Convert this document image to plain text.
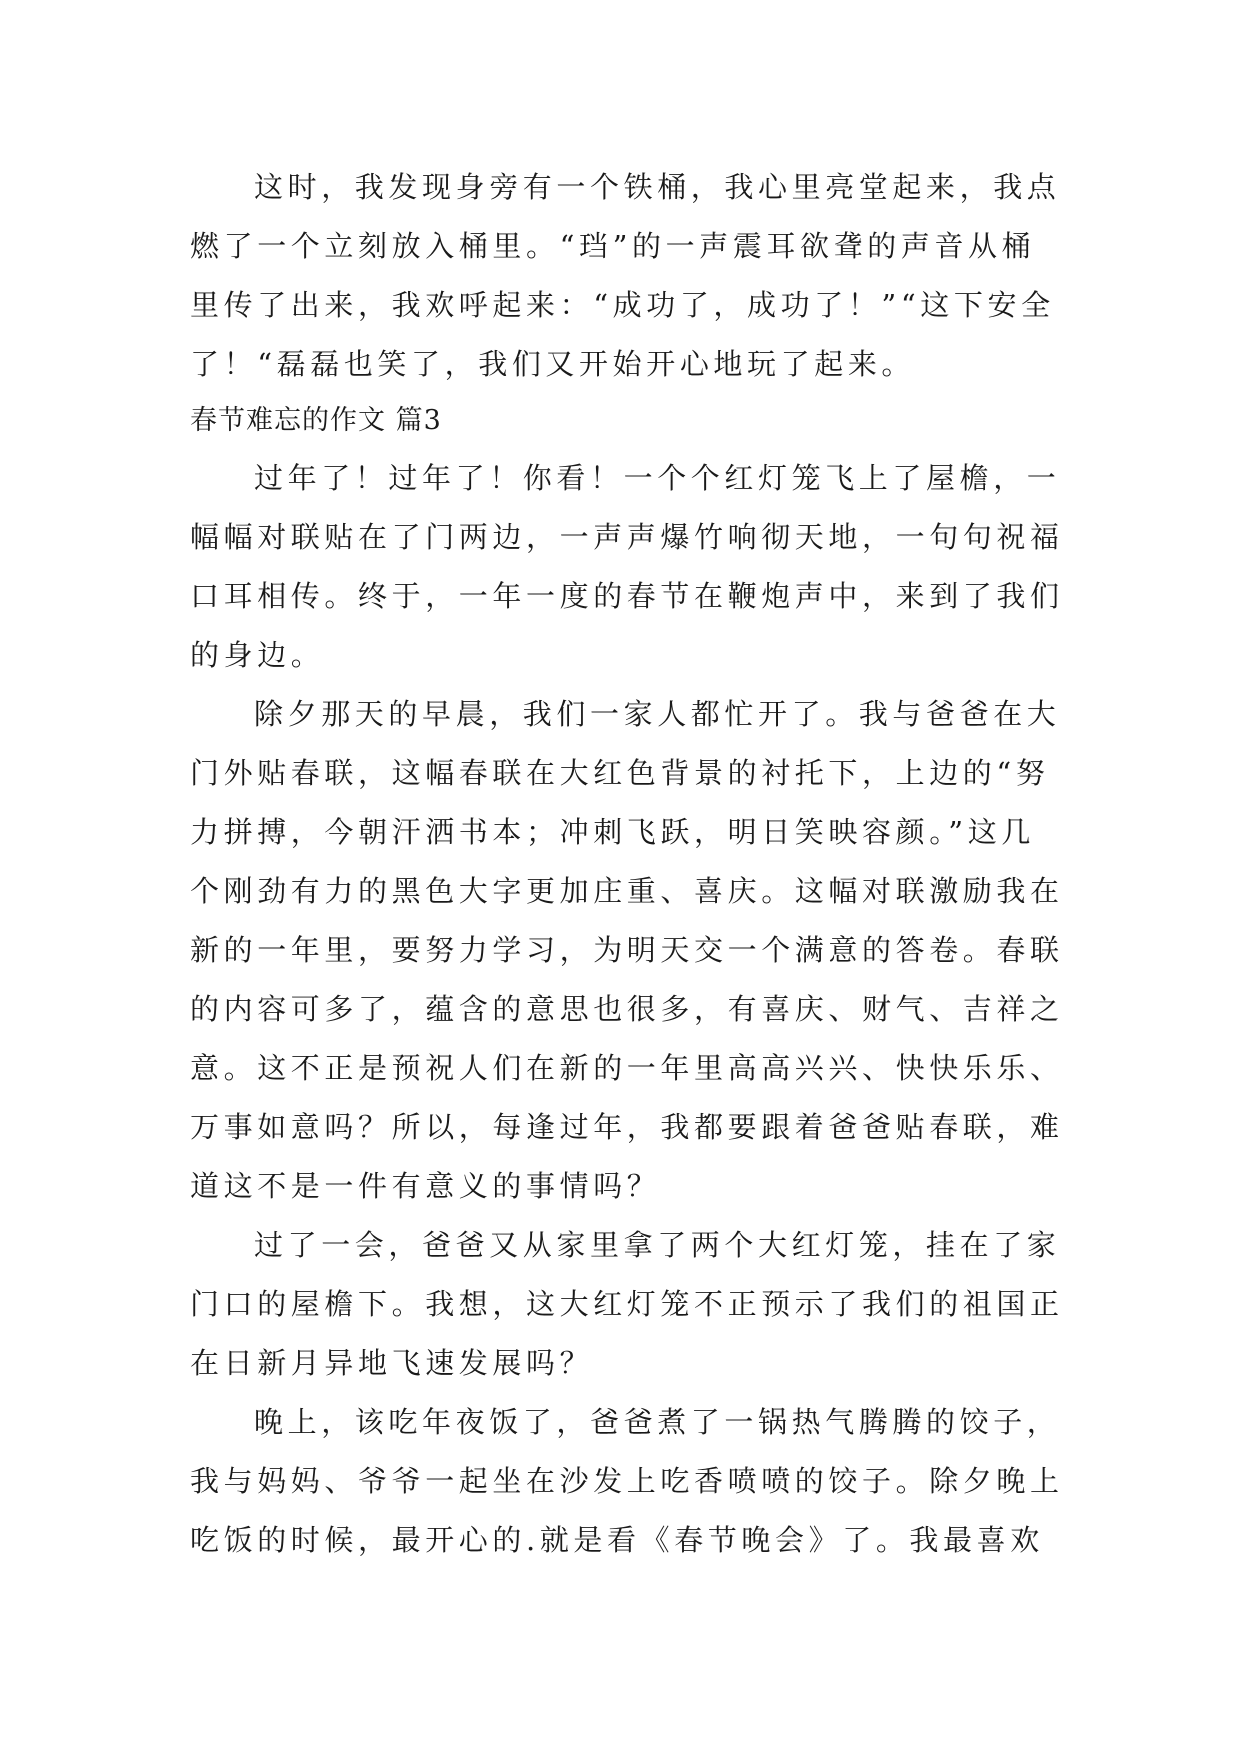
这时，我发现身旁有一个铁桶，我心里亮堂起来，我点
燃了一个立刻放入桶里。“珰”的一声震耳欲聋的声音从桶
里传了出来，我欢呼起来：“成功了，成功了！”“这下安全
了！“磊磊也笑了，我们又开始开心地玩了起来。
春节难忘的作文 篇3
过年了！过年了！你看！一个个红灯笼飞上了屋檐，一
幅幅对联贴在了门两边，一声声爆竹响彻天地，一句句祝福
口耳相传。终于，一年一度的春节在鞭炮声中，来到了我们
的身边。
除夕那天的早晨，我们一家人都忙开了。我与爸爸在大
门外贴春联，这幅春联在大红色背景的衬托下，上边的“努
力拼搏，今朝汗洒书本；冲刺飞跃，明日笑映容颜。”这几
个刚劲有力的黑色大字更加庄重、喜庆。这幅对联激励我在
新的一年里，要努力学习，为明天交一个满意的答卷。春联
的内容可多了，蕴含的意思也很多，有喜庆、财气、吉祥之
意。这不正是预祝人们在新的一年里高高兴兴、快快乐乐、
万事如意吗？所以，每逢过年，我都要跟着爸爸贴春联，难
道这不是一件有意义的事情吗？
过了一会，爸爸又从家里拿了两个大红灯笼，挂在了家
门口的屋檐下。我想，这大红灯笼不正预示了我们的祖国正
在日新月异地飞速发展吗？
晚上，该吃年夜饭了，爸爸煮了一锅热气腾腾的饺子，
我与妈妈、爷爷一起坐在沙发上吃香喷喷的饺子。除夕晚上
吃饭的时候，最开心的.就是看《春节晚会》了。我最喜欢
